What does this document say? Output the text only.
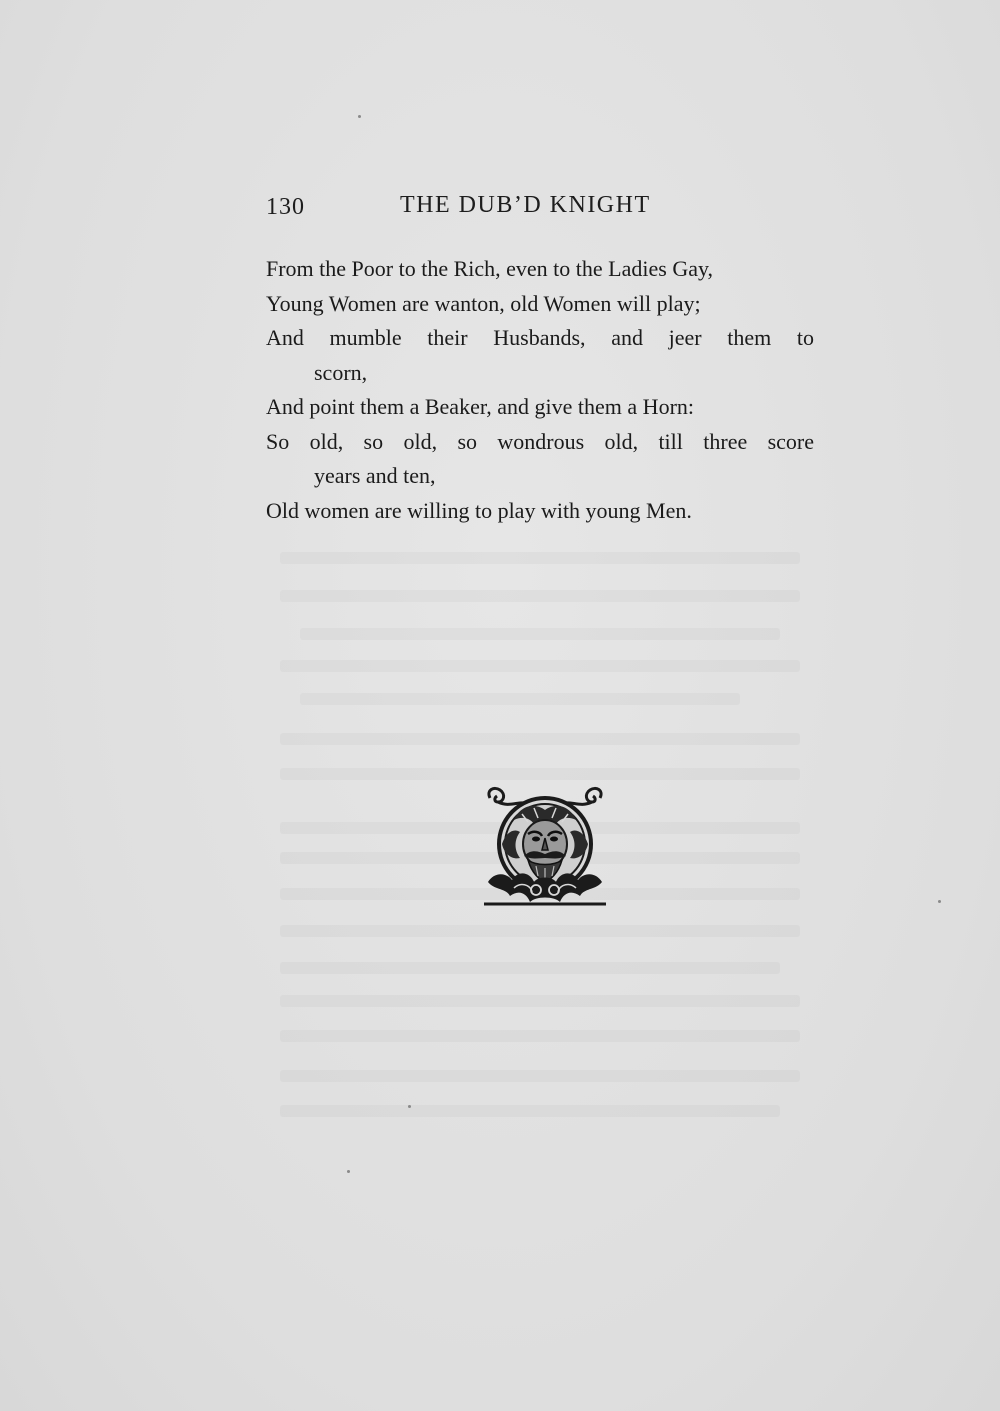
130	THE DUB’D KNIGHT
From the Poor to the Rich, even to the Ladies Gay,
Young Women are wanton, old Women will play;
And mumble their Husbands, and jeer them to
scorn,
And point them a Beaker, and give them a Horn:
So old, so old, so wondrous old, till three score
years and ten,
Old women are willing to play with young Men.
